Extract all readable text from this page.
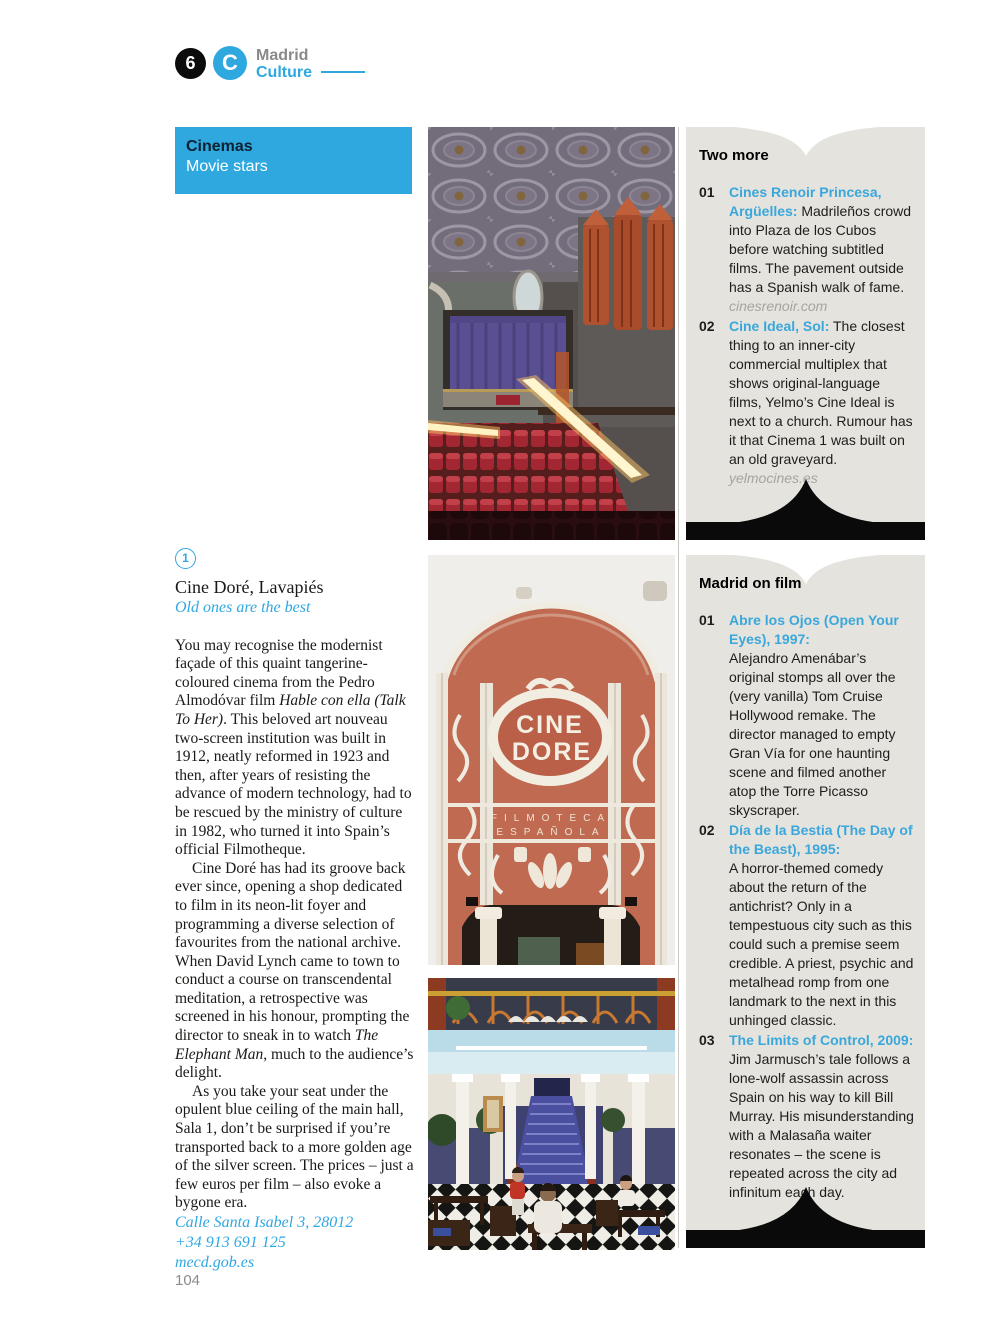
6	C	Madrid
Culture
Cinemas
Movie stars
CINE
DORE
FILMOTECA
ESPAÑOLA
1
Cine Doré, Lavapiés

Old ones are the best

You may recognise the modernist façade of this quaint tangerine-coloured cinema from the Pedro Almodóvar film Hable con ella (Talk To Her). This beloved art nouveau two-screen institution was built in 1912, neatly reformed in 1923 and then, after years of resisting the advance of modern technology, had to be rescued by the ministry of culture in 1982, who turned it into Spain’s official Filmotheque.

Cine Doré has had its groove back ever since, opening a shop dedicated to film in its neon-lit foyer and programming a diverse selection of favourites from the national archive. When David Lynch came to town to conduct a course on transcendental meditation, a retrospective was screened in his honour, prompting the director to sneak in to watch The Elephant Man, much to the audience’s delight.

As you take your seat under the opulent blue ceiling of the main hall, Sala 1, don’t be surprised if you’re transported back to a more golden age of the silver screen. The prices – just a few euros per film – also evoke a bygone era.

Calle Santa Isabel 3, 28012
+34 913 691 125
mecd.gob.es
Two more
01	Cines Renoir Princesa, Argüelles: Madrileños crowd into Plaza de los Cubos before watching subtitled films. The pavement outside has a Spanish walk of fame.
cinesrenoir.com

02	Cine Ideal, Sol: The closest thing to an inner-city commercial multiplex that shows original-language films, Yelmo’s Cine Ideal is next to a church. Rumour has it that Cinema 1 was built on an old graveyard.
yelmocines.es

Madrid on film
01	Abre los Ojos (Open Your Eyes), 1997:
Alejandro Amenábar’s original stomps all over the (very vanilla) Tom Cruise Hollywood remake. The director managed to empty Gran Vía for one haunting scene and filmed another atop the Torre Picasso skyscraper.

02	Día de la Bestia (The Day of the Beast), 1995:
A horror-themed comedy about the return of the antichrist? Only in a tempestuous city such as this could such a premise seem credible. A priest, psychic and metalhead romp from one landmark to the next in this unhinged classic.

03	The Limits of Control, 2009: Jim Jarmusch’s tale follows a lone-wolf assassin across Spain on his way to kill Bill Murray. His misunderstanding with a Malasaña waiter resonates – the scene is repeated across the city ad infinitum each day.

104
